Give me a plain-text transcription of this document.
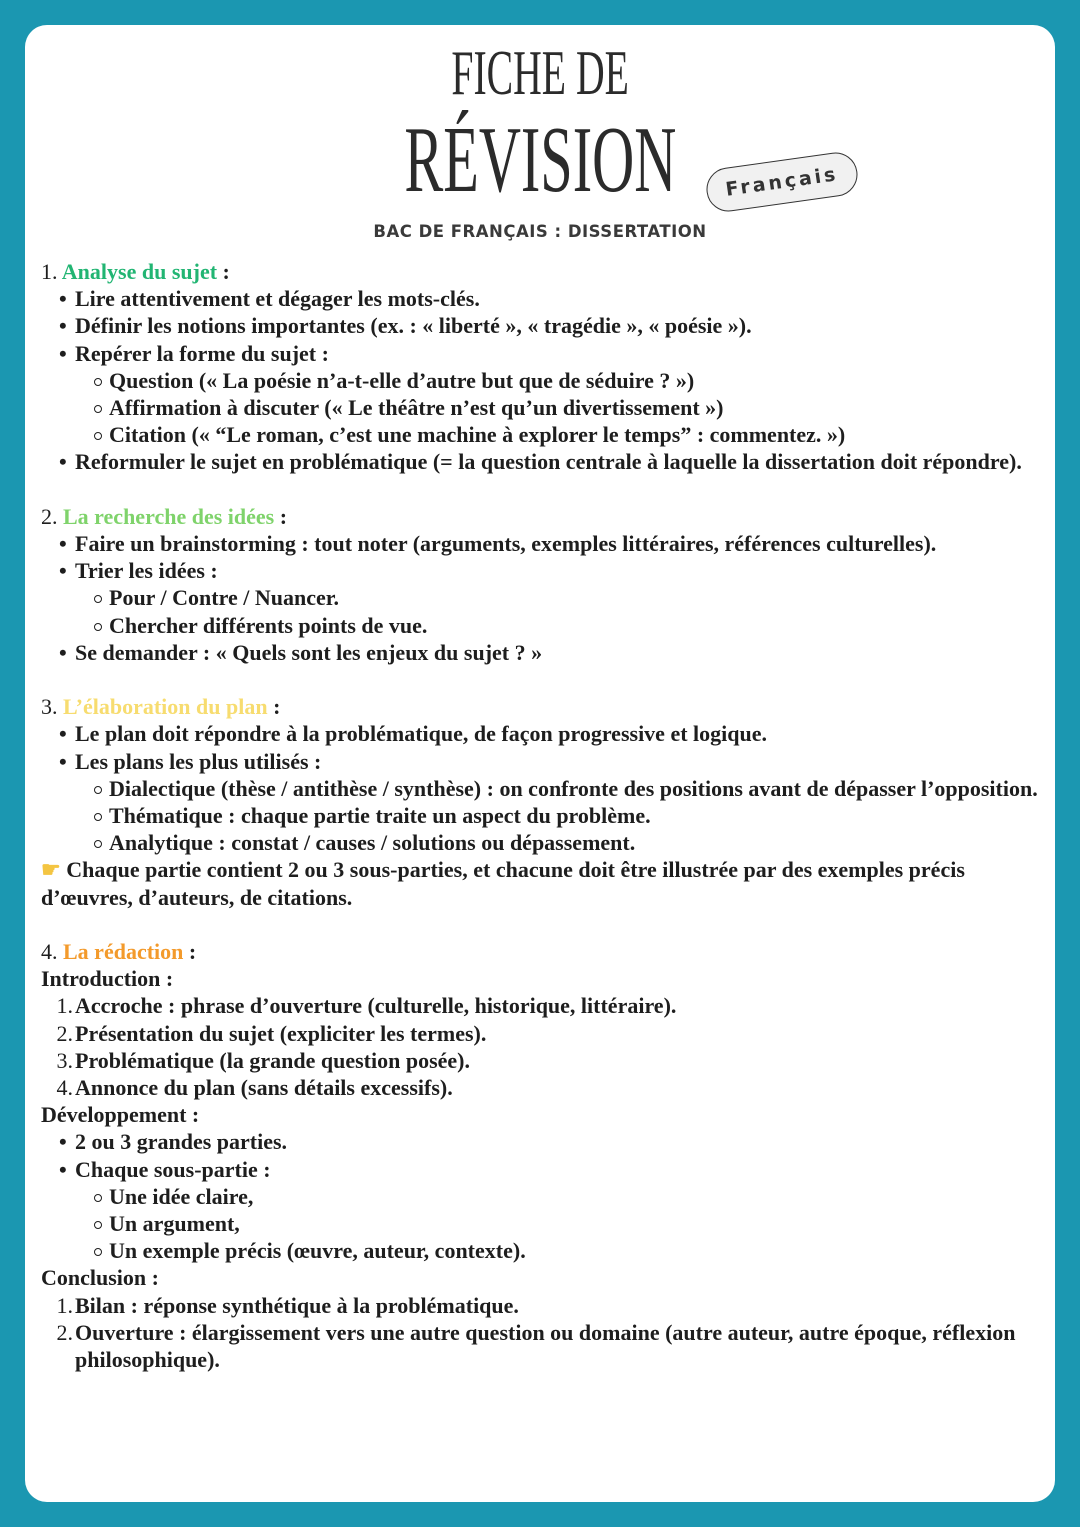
FICHE DE
RÉVISION	Français
BAC DE FRANÇAIS : DISSERTATION
1. Analyse du sujet :
• Lire attentivement et dégager les mots-clés.
• Définir les notions importantes (ex. : « liberté », « tragédie », « poésie »).
• Repérer la forme du sujet :
Question (« La poésie n’a-t-elle d’autre but que de séduire ? »)
Affirmation à discuter (« Le théâtre n’est qu’un divertissement »)
Citation (« “Le roman, c’est une machine à explorer le temps” : commentez. »)
• Reformuler le sujet en problématique (= la question centrale à laquelle la dissertation doit répondre).
2. La recherche des idées :
• Faire un brainstorming : tout noter (arguments, exemples littéraires, références culturelles).
• Trier les idées :
Pour / Contre / Nuancer.
Chercher différents points de vue.
• Se demander : « Quels sont les enjeux du sujet ? »
3. L’élaboration du plan :
• Le plan doit répondre à la problématique, de façon progressive et logique.
• Les plans les plus utilisés :
Dialectique (thèse / antithèse / synthèse) : on confronte des positions avant de dépasser l’opposition.
Thématique : chaque partie traite un aspect du problème.
Analytique : constat / causes / solutions ou dépassement.
☛ Chaque partie contient 2 ou 3 sous-parties, et chacune doit être illustrée par des exemples précis d’œuvres, d’auteurs, de citations.
4. La rédaction :
Introduction :
1. Accroche : phrase d’ouverture (culturelle, historique, littéraire).
2. Présentation du sujet (expliciter les termes).
3. Problématique (la grande question posée).
4. Annonce du plan (sans détails excessifs).
Développement :
• 2 ou 3 grandes parties.
• Chaque sous-partie :
Une idée claire,
Un argument,
Un exemple précis (œuvre, auteur, contexte).
Conclusion :
1. Bilan : réponse synthétique à la problématique.
2. Ouverture : élargissement vers une autre question ou domaine (autre auteur, autre époque, réflexion philosophique).
